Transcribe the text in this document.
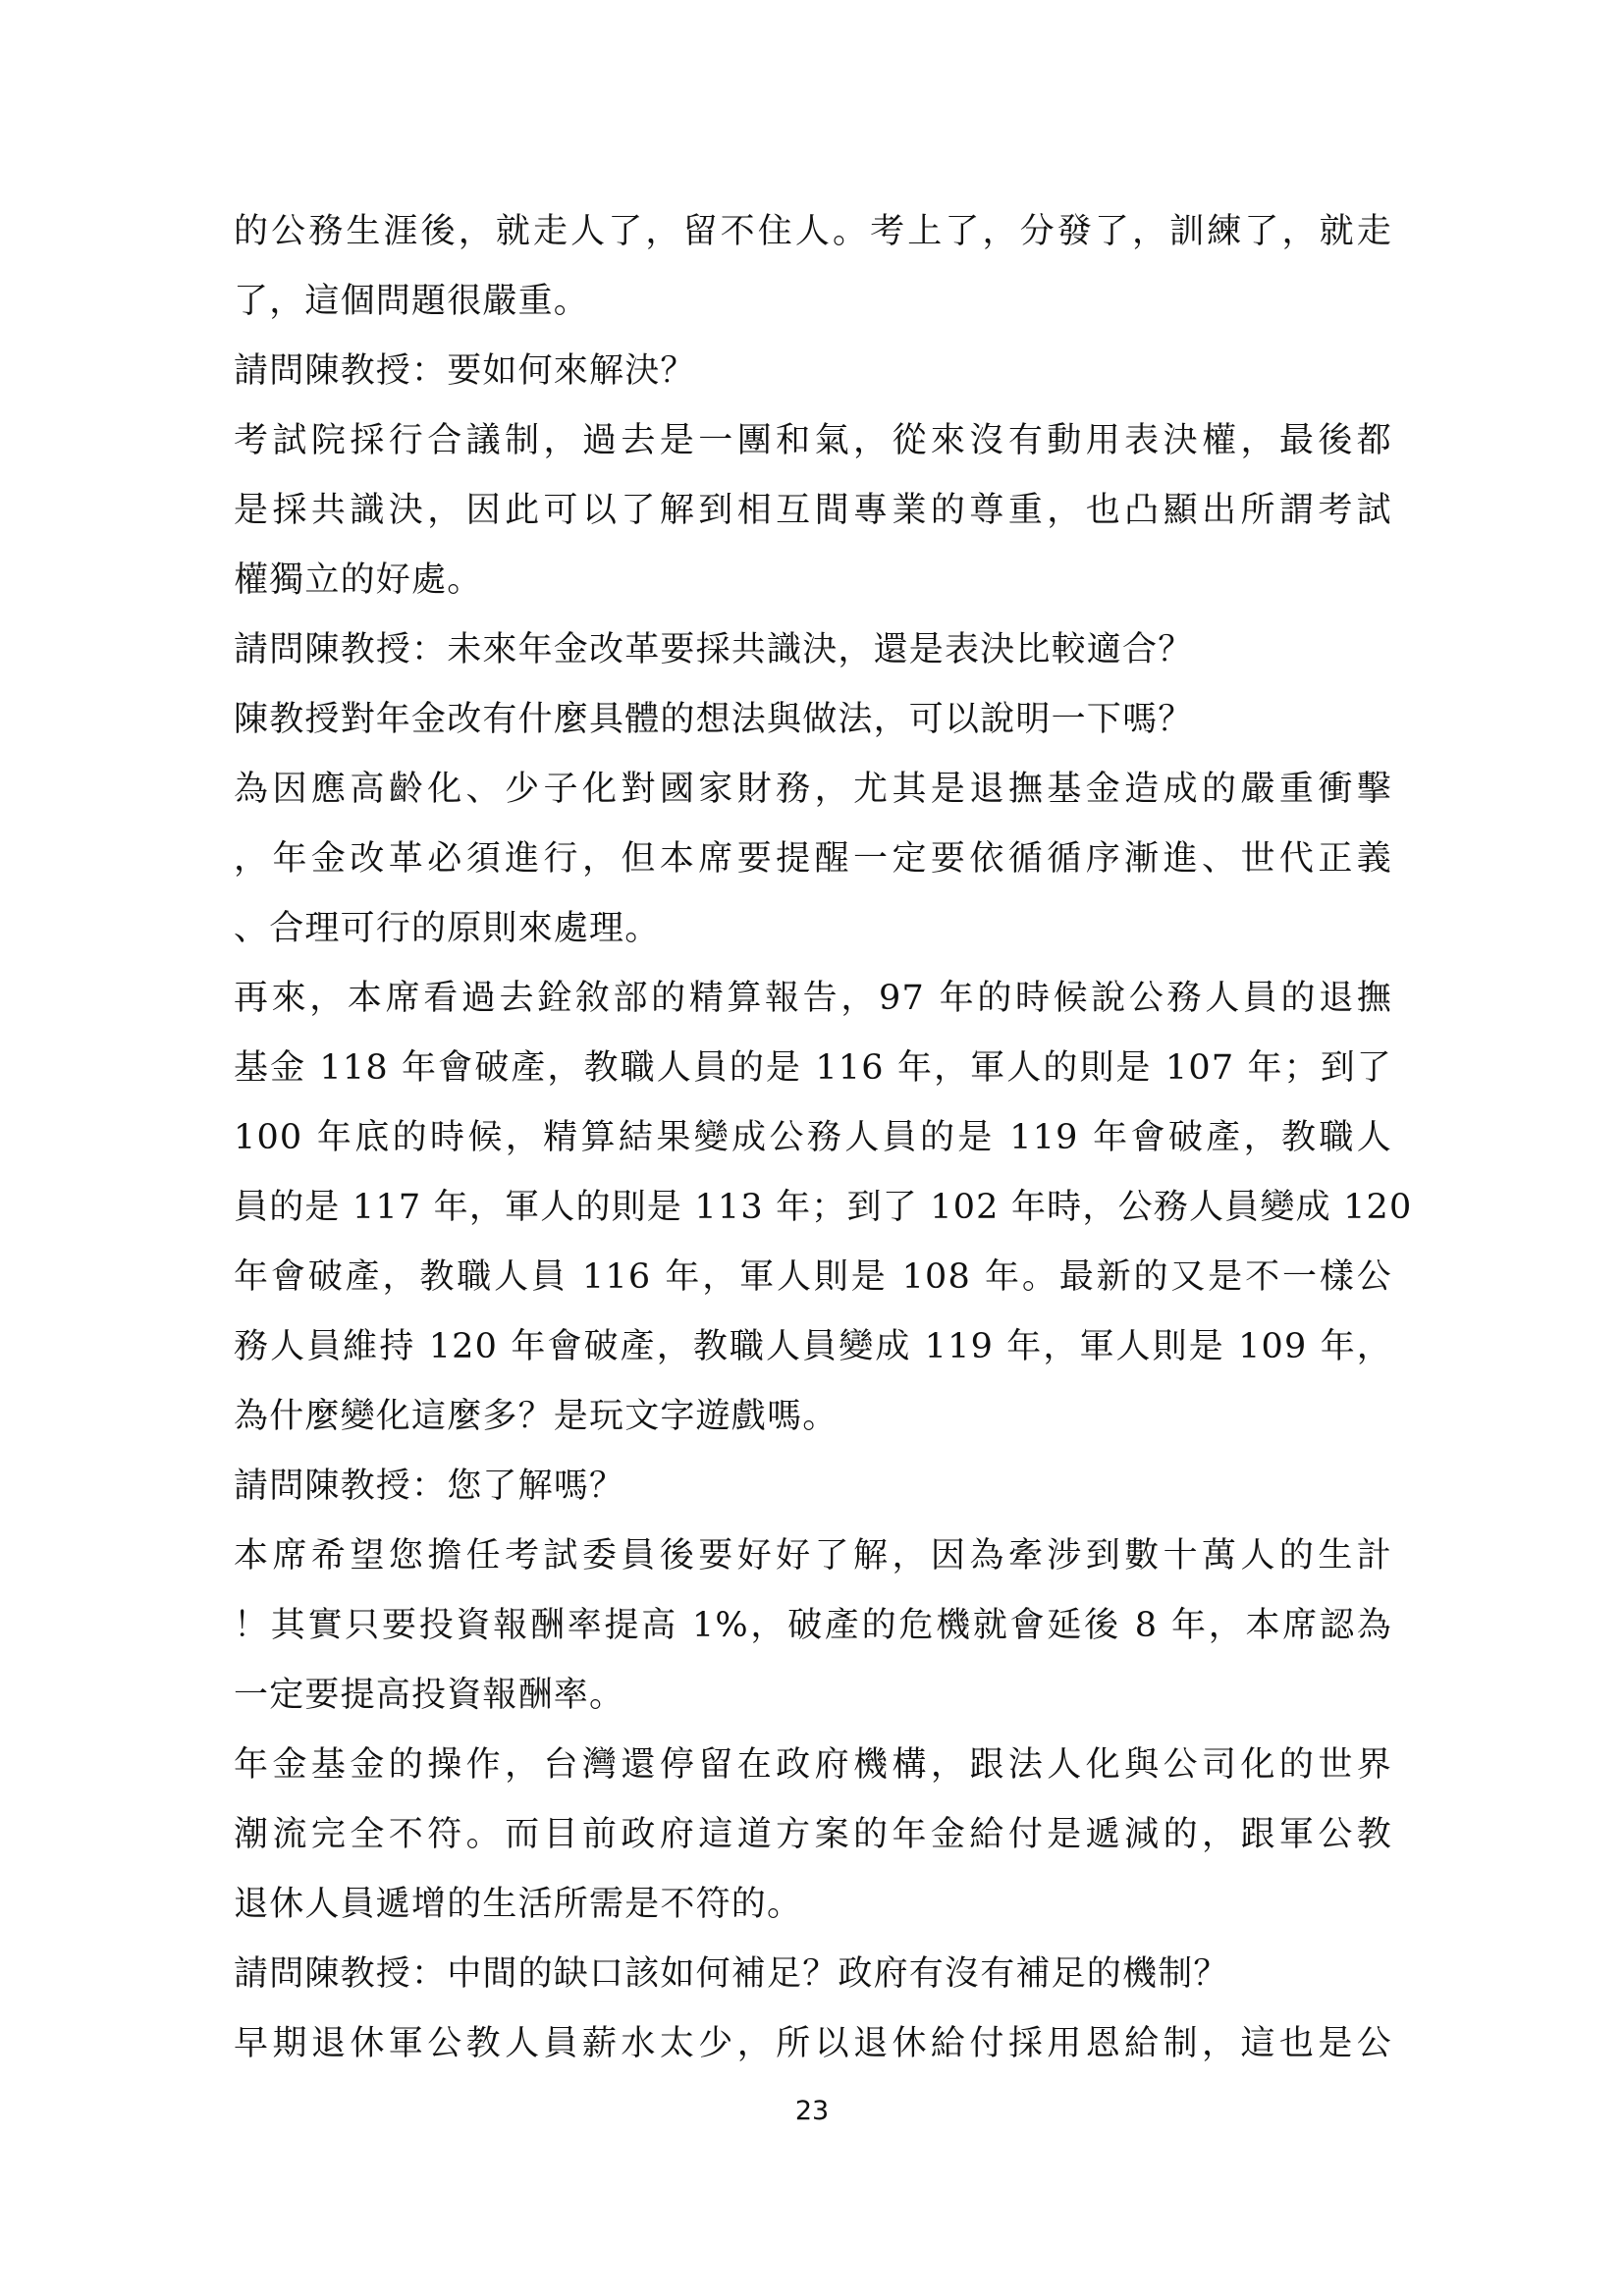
的公務生涯後，就走人了，留不住人。考上了，分發了，訓練了，就走
了，這個問題很嚴重。
請問陳教授：要如何來解決？
考試院採行合議制，過去是一團和氣，從來沒有動用表決權，最後都
是採共識決，因此可以了解到相互間專業的尊重，也凸顯出所謂考試
權獨立的好處。
請問陳教授：未來年金改革要採共識決，還是表決比較適合？
陳教授對年金改有什麼具體的想法與做法，可以說明一下嗎？
為因應高齡化、少子化對國家財務，尤其是退撫基金造成的嚴重衝擊
，年金改革必須進行，但本席要提醒一定要依循循序漸進、世代正義
、合理可行的原則來處理。
再來，本席看過去銓敘部的精算報告，97 年的時候說公務人員的退撫
基金 118 年會破產，教職人員的是 116 年，軍人的則是 107 年；到了
100 年底的時候，精算結果變成公務人員的是 119 年會破產，教職人
員的是 117 年，軍人的則是 113 年；到了 102 年時，公務人員變成 120
年會破產，教職人員 116 年，軍人則是 108 年。最新的又是不一樣公
務人員維持 120 年會破產，教職人員變成 119 年，軍人則是 109 年，
為什麼變化這麼多？是玩文字遊戲嗎。
請問陳教授：您了解嗎？
本席希望您擔任考試委員後要好好了解，因為牽涉到數十萬人的生計
！其實只要投資報酬率提高 1%，破產的危機就會延後 8 年，本席認為
一定要提高投資報酬率。
年金基金的操作，台灣還停留在政府機構，跟法人化與公司化的世界
潮流完全不符。而目前政府這道方案的年金給付是遞減的，跟軍公教
退休人員遞增的生活所需是不符的。
請問陳教授：中間的缺口該如何補足？政府有沒有補足的機制？
早期退休軍公教人員薪水太少，所以退休給付採用恩給制，這也是公
23
